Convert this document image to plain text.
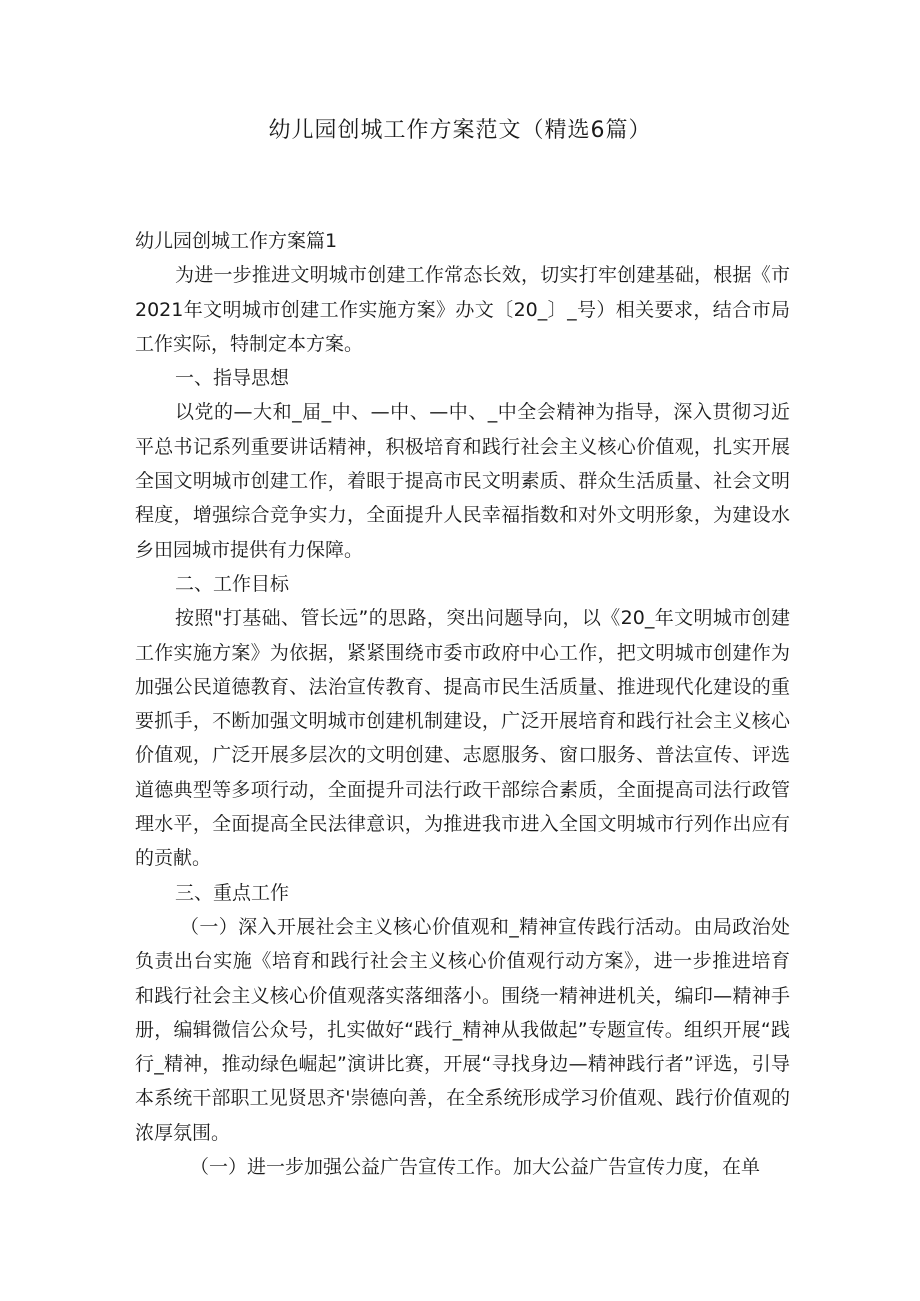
幼儿园创城工作方案范文（精选6篇）

幼儿园创城工作方案篇1

为进一步推进文明城市创建工作常态长效，切实打牢创建基础，根据《市2021年文明城市创建工作实施方案》办文〔20_〕_号）相关要求，结合市局工作实际，特制定本方案。

一、指导思想

以党的—大和_届_中、—中、—中、_中全会精神为指导，深入贯彻习近平总书记系列重要讲话精神，积极培育和践行社会主义核心价值观，扎实开展全国文明城市创建工作，着眼于提高市民文明素质、群众生活质量、社会文明程度，增强综合竞争实力，全面提升人民幸福指数和对外文明形象，为建设水乡田园城市提供有力保障。

二、工作目标

按照"打基础、管长远”的思路，突出问题导向，以《20_年文明城市创建工作实施方案》为依据，紧紧围绕市委市政府中心工作，把文明城市创建作为加强公民道德教育、法治宣传教育、提高市民生活质量、推进现代化建设的重要抓手，不断加强文明城市创建机制建设，广泛开展培育和践行社会主义核心价值观，广泛开展多层次的文明创建、志愿服务、窗口服务、普法宣传、评选道德典型等多项行动，全面提升司法行政干部综合素质，全面提高司法行政管理水平，全面提高全民法律意识，为推进我市进入全国文明城市行列作出应有的贡献。

三、重点工作

（一）深入开展社会主义核心价值观和_精神宣传践行活动。由局政治处负责出台实施《培育和践行社会主义核心价值观行动方案》，进一步推进培育和践行社会主义核心价值观落实落细落小。围绕一精神进机关，编印—精神手册，编辑微信公众号，扎实做好“践行_精神从我做起”专题宣传。组织开展“践行_精神，推动绿色崛起”演讲比赛，开展“寻找身边—精神践行者”评选，引导本系统干部职工见贤思齐'崇德向善，在全系统形成学习价值观、践行价值观的浓厚氛围。

（一）进一步加强公益广告宣传工作。加大公益广告宣传力度，在单
